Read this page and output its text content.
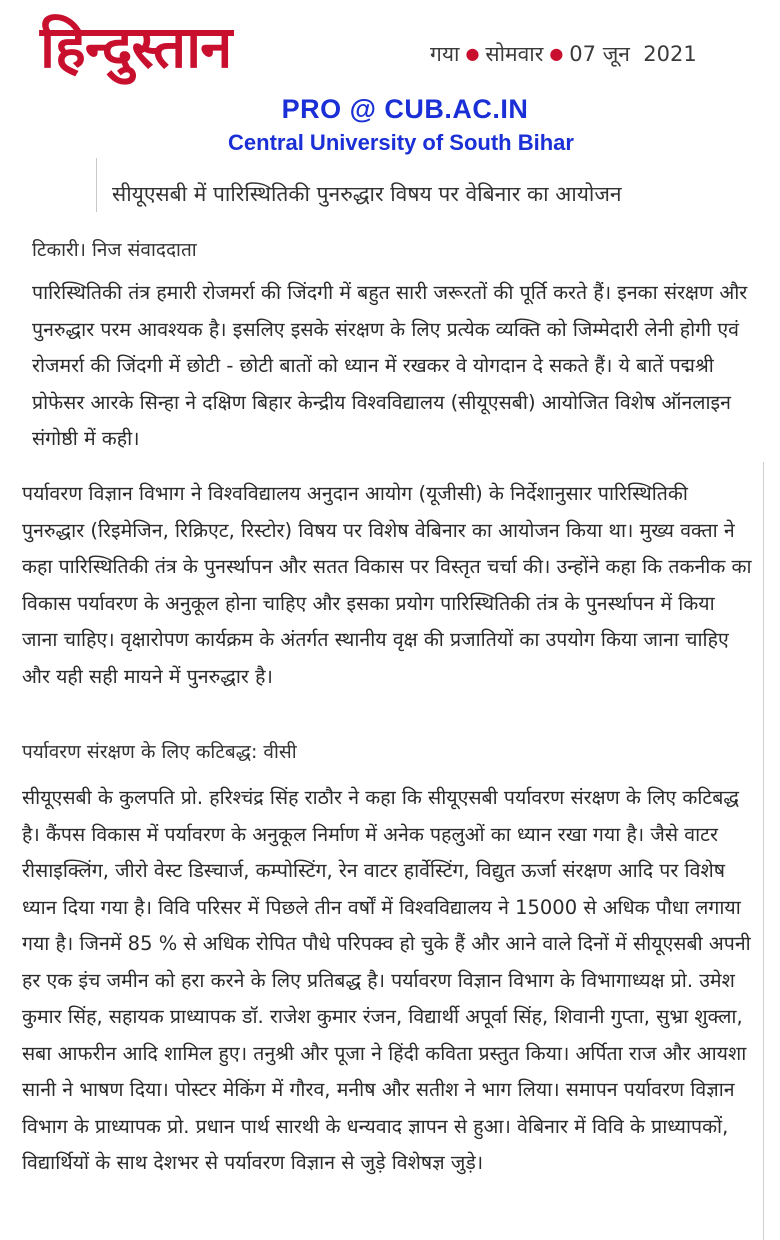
हिन्दुस्तान	गया ● सोमवार ● 07 जून  2021
PRO @ CUB.AC.IN
Central University of South Bihar
सीयूएसबी में पारिस्थितिकी पुनरुद्धार विषय पर वेबिनार का आयोजन
टिकारी। निज संवाददाता

पारिस्थितिकी तंत्र हमारी रोजमर्रा की जिंदगी में बहुत सारी जरूरतों की पूर्ति करते हैं। इनका संरक्षण और पुनरुद्धार परम आवश्यक है। इसलिए इसके संरक्षण के लिए प्रत्येक व्यक्ति को जिम्मेदारी लेनी होगी एवं रोजमर्रा की जिंदगी में छोटी - छोटी बातों को ध्यान में रखकर वे योगदान दे सकते हैं। ये बातें पद्मश्री प्रोफेसर आरके सिन्हा ने दक्षिण बिहार केन्द्रीय विश्वविद्यालय (सीयूएसबी) आयोजित विशेष ऑनलाइन संगोष्ठी में कही।

पर्यावरण विज्ञान विभाग ने विश्वविद्यालय अनुदान आयोग (यूजीसी) के निर्देशानुसार पारिस्थितिकी पुनरुद्धार (रिइमेजिन, रिक्रिएट, रिस्टोर) विषय पर विशेष वेबिनार का आयोजन किया था। मुख्य वक्ता ने कहा पारिस्थितिकी तंत्र के पुनर्स्थापन और सतत विकास पर विस्तृत चर्चा की। उन्होंने कहा कि तकनीक का विकास पर्यावरण के अनुकूल होना चाहिए और इसका प्रयोग पारिस्थितिकी तंत्र के पुनर्स्थापन में किया जाना चाहिए। वृक्षारोपण कार्यक्रम के अंतर्गत स्थानीय वृक्ष की प्रजातियों का उपयोग किया जाना चाहिए और यही सही मायने में पुनरुद्धार है।

पर्यावरण संरक्षण के लिए कटिबद्ध: वीसी

सीयूएसबी के कुलपति प्रो. हरिश्चंद्र सिंह राठौर ने कहा कि सीयूएसबी पर्यावरण संरक्षण के लिए कटिबद्ध है। कैंपस विकास में पर्यावरण के अनुकूल निर्माण में अनेक पहलुओं का ध्यान रखा गया है। जैसे वाटर रीसाइक्लिंग, जीरो वेस्ट डिस्चार्ज, कम्पोस्टिंग, रेन वाटर हार्वेस्टिंग, विद्युत ऊर्जा संरक्षण आदि पर विशेष ध्यान दिया गया है। विवि परिसर में पिछले तीन वर्षों में विश्वविद्यालय ने 15000 से अधिक पौधा लगाया गया है। जिनमें 85 % से अधिक रोपित पौधे परिपक्व हो चुके हैं और आने वाले दिनों में सीयूएसबी अपनी हर एक इंच जमीन को हरा करने के लिए प्रतिबद्ध है। पर्यावरण विज्ञान विभाग के विभागाध्यक्ष प्रो. उमेश कुमार सिंह, सहायक प्राध्यापक डॉ. राजेश कुमार रंजन, विद्यार्थी अपूर्वा सिंह, शिवानी गुप्ता, सुभ्रा शुक्ला, सबा आफरीन आदि शामिल हुए। तनुश्री और पूजा ने हिंदी कविता प्रस्तुत किया। अर्पिता राज और आयशा सानी ने भाषण दिया। पोस्टर मेकिंग में गौरव, मनीष और सतीश ने भाग लिया। समापन पर्यावरण विज्ञान विभाग के प्राध्यापक प्रो. प्रधान पार्थ सारथी के धन्यवाद ज्ञापन से हुआ। वेबिनार में विवि के प्राध्यापकों, विद्यार्थियों के साथ देशभर से पर्यावरण विज्ञान से जुड़े विशेषज्ञ जुड़े।
